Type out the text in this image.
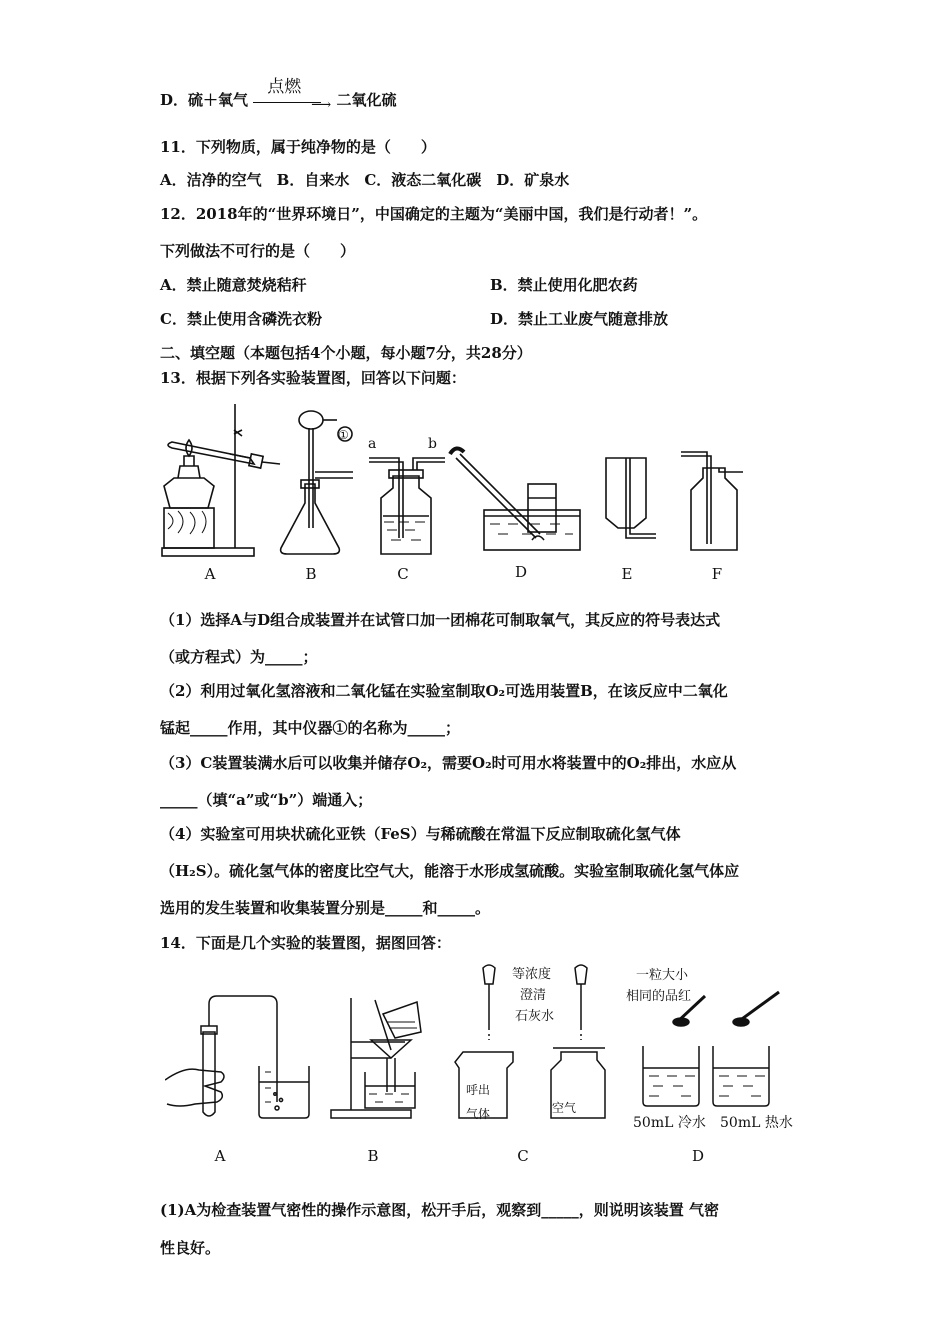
D．硫＋氧气
点燃
⟶ 二氧化硫
11．下列物质，属于纯净物的是（　　）
A．洁净的空气　B．自来水　C．液态二氧化碳　D．矿泉水
12．2018年的“世界环境日”，中国确定的主题为“美丽中国，我们是行动者！”。
下列做法不可行的是（　　）
A．禁止随意焚烧秸秆	B．禁止使用化肥农药
C．禁止使用含磷洗衣粉	D．禁止工业废气随意排放
二、填空题（本题包括4个小题，每小题7分，共28分）
13．根据下列各实验装置图，回答以下问题：
①
a	b
A	B	C	D	E	F
（1）选择A与D组合成装置并在试管口加一团棉花可制取氧气，其反应的符号表达式
（或方程式）为_____；
（2）利用过氧化氢溶液和二氧化锰在实验室制取O₂可选用装置B，在该反应中二氧化
锰起_____作用，其中仪器①的名称为_____；
（3）C装置装满水后可以收集并储存O₂，需要O₂时可用水将装置中的O₂排出，水应从
_____（填“a”或“b”）端通入；
（4）实验室可用块状硫化亚铁（FeS）与稀硫酸在常温下反应制取硫化氢气体
（H₂S）。硫化氢气体的密度比空气大，能溶于水形成氢硫酸。实验室制取硫化氢气体应
选用的发生装置和收集装置分别是_____和_____。
14．下面是几个实验的装置图，据图回答：
等浓度
澄清
石灰水
呼出
气体	空气
一粒大小
相同的品红
50mL 冷水 50mL 热水
A	B	C	D
(1)A为检查装置气密性的操作示意图，松开手后，观察到_____，则说明该装置 气密
性良好。
